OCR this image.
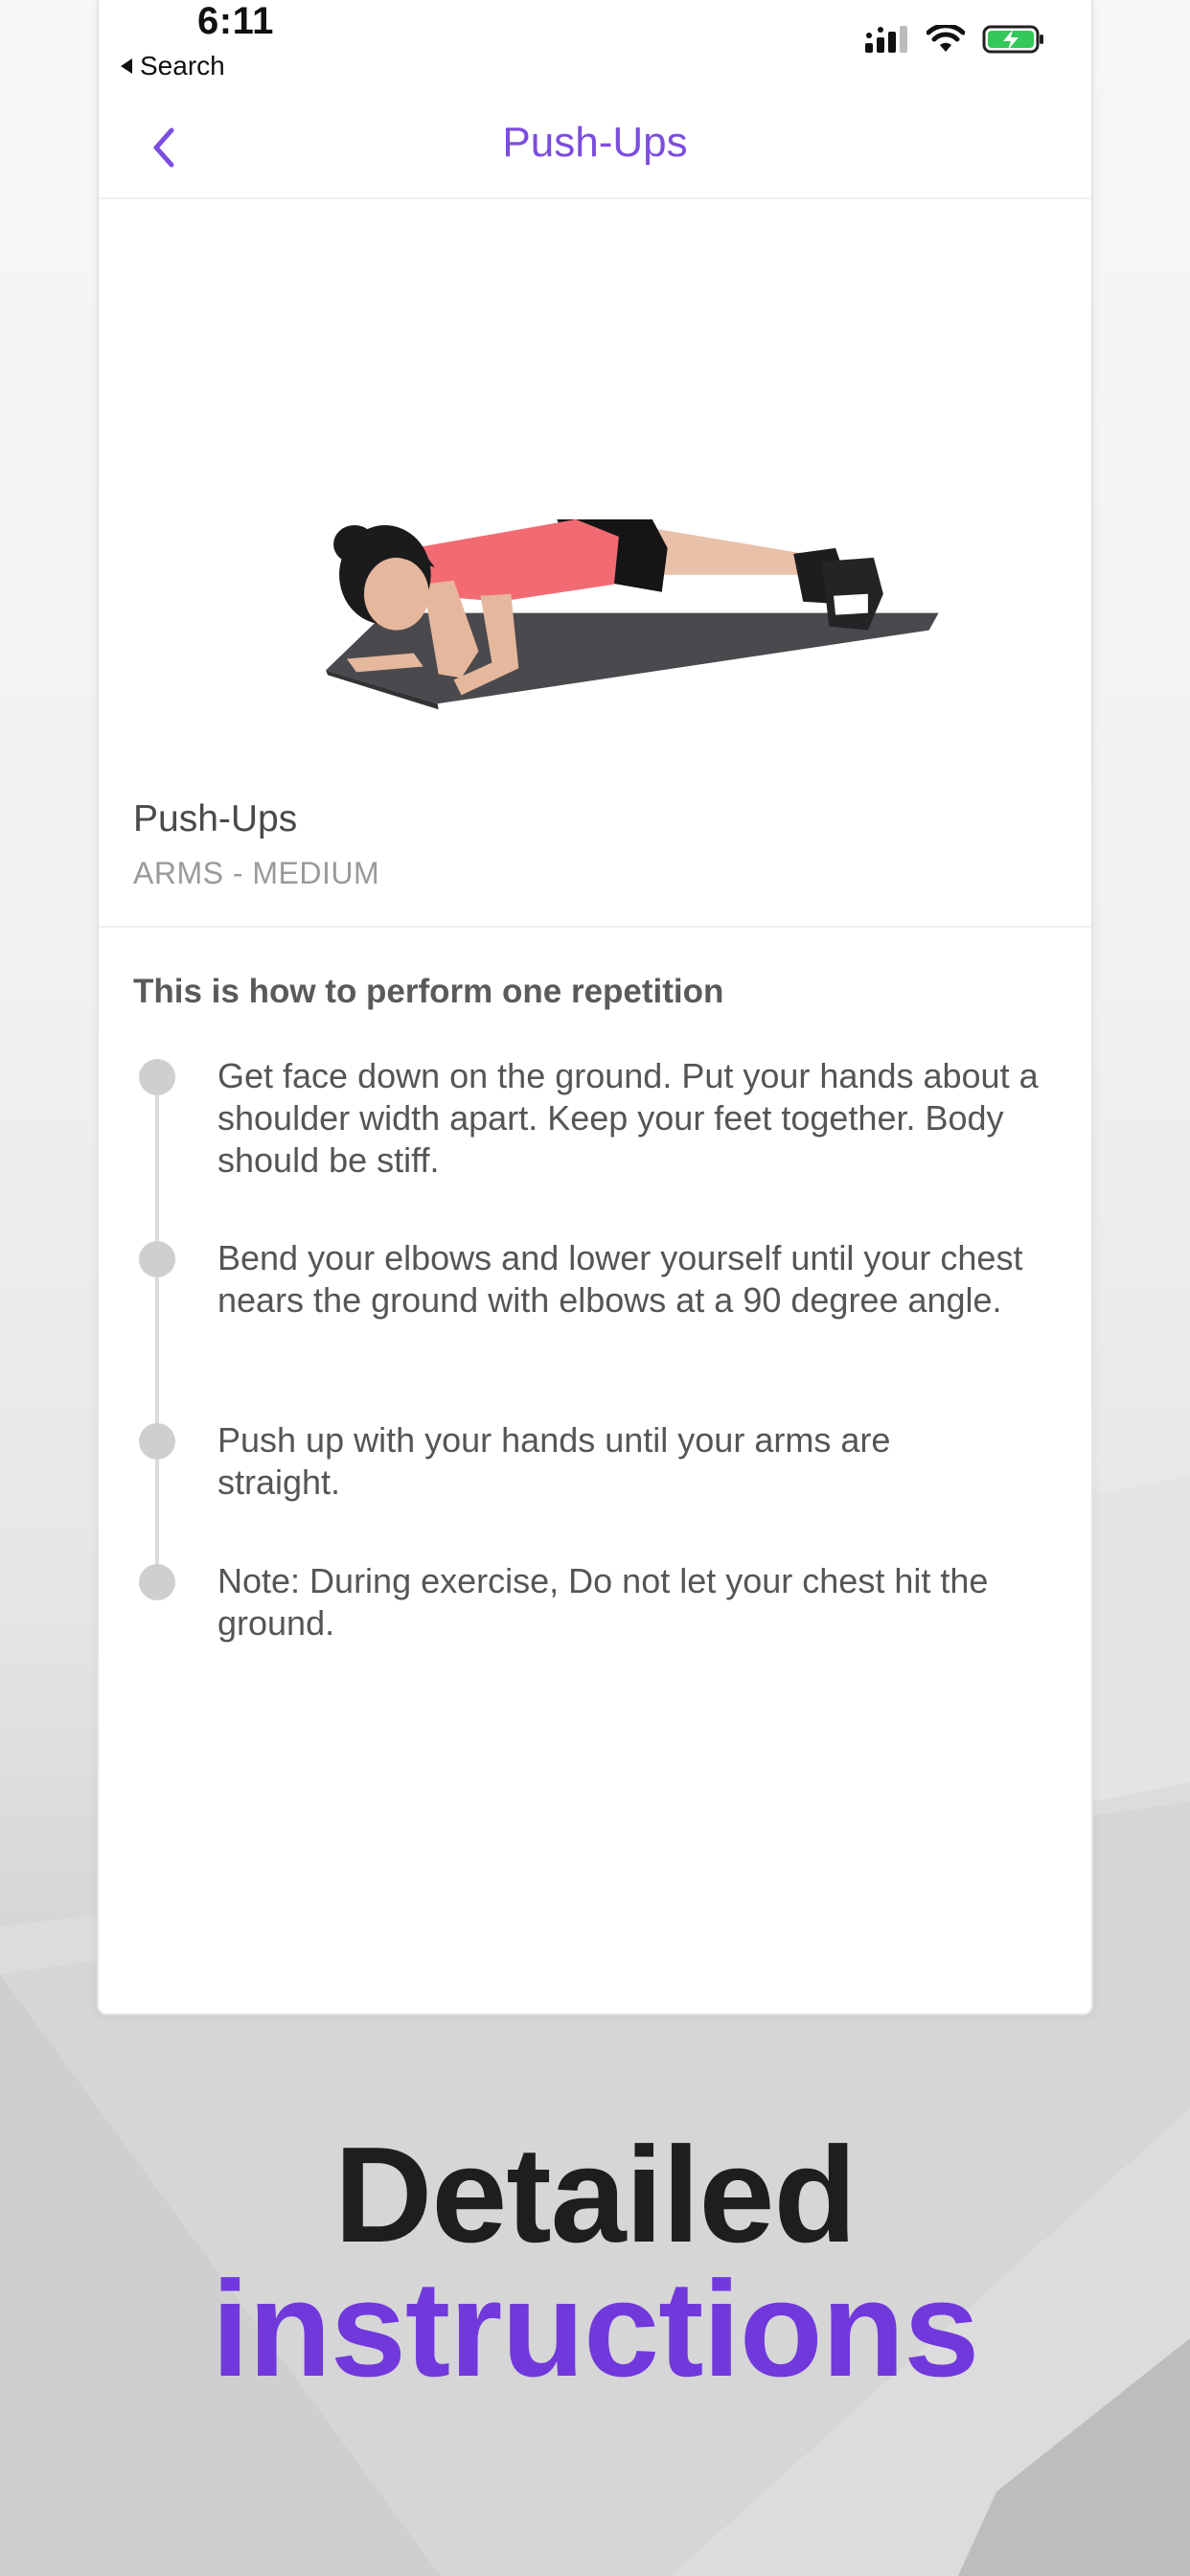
6:11
Search
Push-Ups
Push-Ups
ARMS - MEDIUM
This is how to perform one repetition
Get face down on the ground. Put your hands about a shoulder width apart. Keep your feet together. Body should be stiff.
Bend your elbows and lower yourself until your chest nears the ground with elbows at a 90 degree angle.
Push up with your hands until your arms are straight.
Note: During exercise, Do not let your chest hit the ground.
Detailed
instructions
